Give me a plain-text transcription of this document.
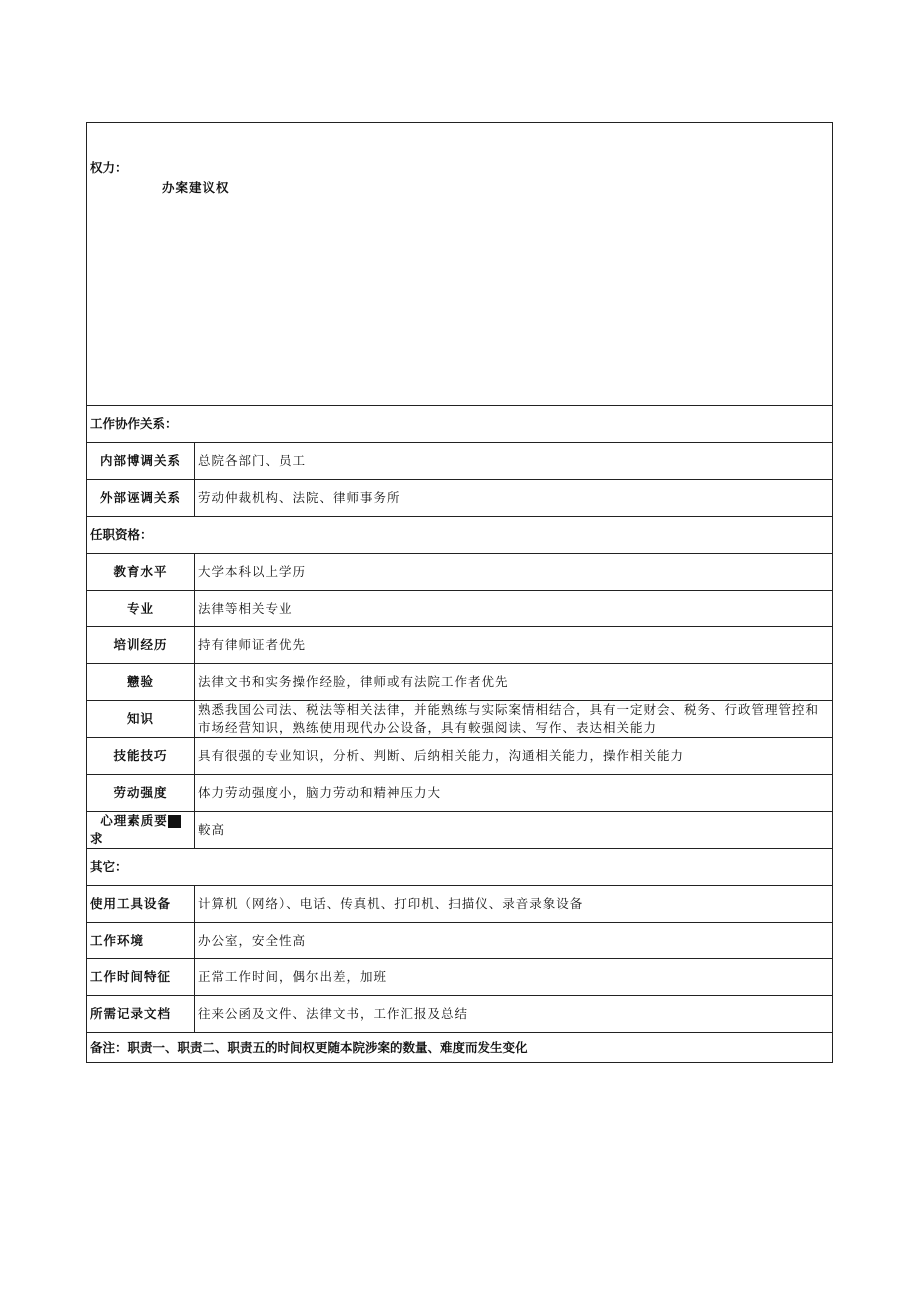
权力：
办案建议权	

工作协作关系：	
内部博调关系	总院各部门、员工
外部诬调关系	劳动仲裁机构、法院、律师事务所
任职资格：	
教育水平	大学本科以上学历
专业	法律等相关专业
培训经历	持有律师证者优先
戆验	法律文书和实务操作经脸，律师或有法院工作者优先
知识	熟悉我国公司法、税法等相关法律，并能熟练与实际案情相结合，具有一定财会、税务、行政管理管控和市场经营知识，熟练使用现代办公设备，具有較强阅读、写作、表达相关能力
技能技巧	具有很强的专业知识，分析、判断、后纳相关能力，沟通相关能力，操作相关能力
劳动强度	体力劳动强度小，脑力劳动和精神压力大

心理素质要
求	較高
其它：	
使用工具设备	计算机（网络）、电话、传真机、打印机、扫描仪、录音录象设备
工作环境	办公室，安全性高
工作时间特征	正常工作时间，偶尔出差，加班
所需记录文档	往来公函及文件、法律文书，工作汇报及总结
备注：职责一、职责二、职责五的时间权更随本院涉案的数量、难度而发生变化	
